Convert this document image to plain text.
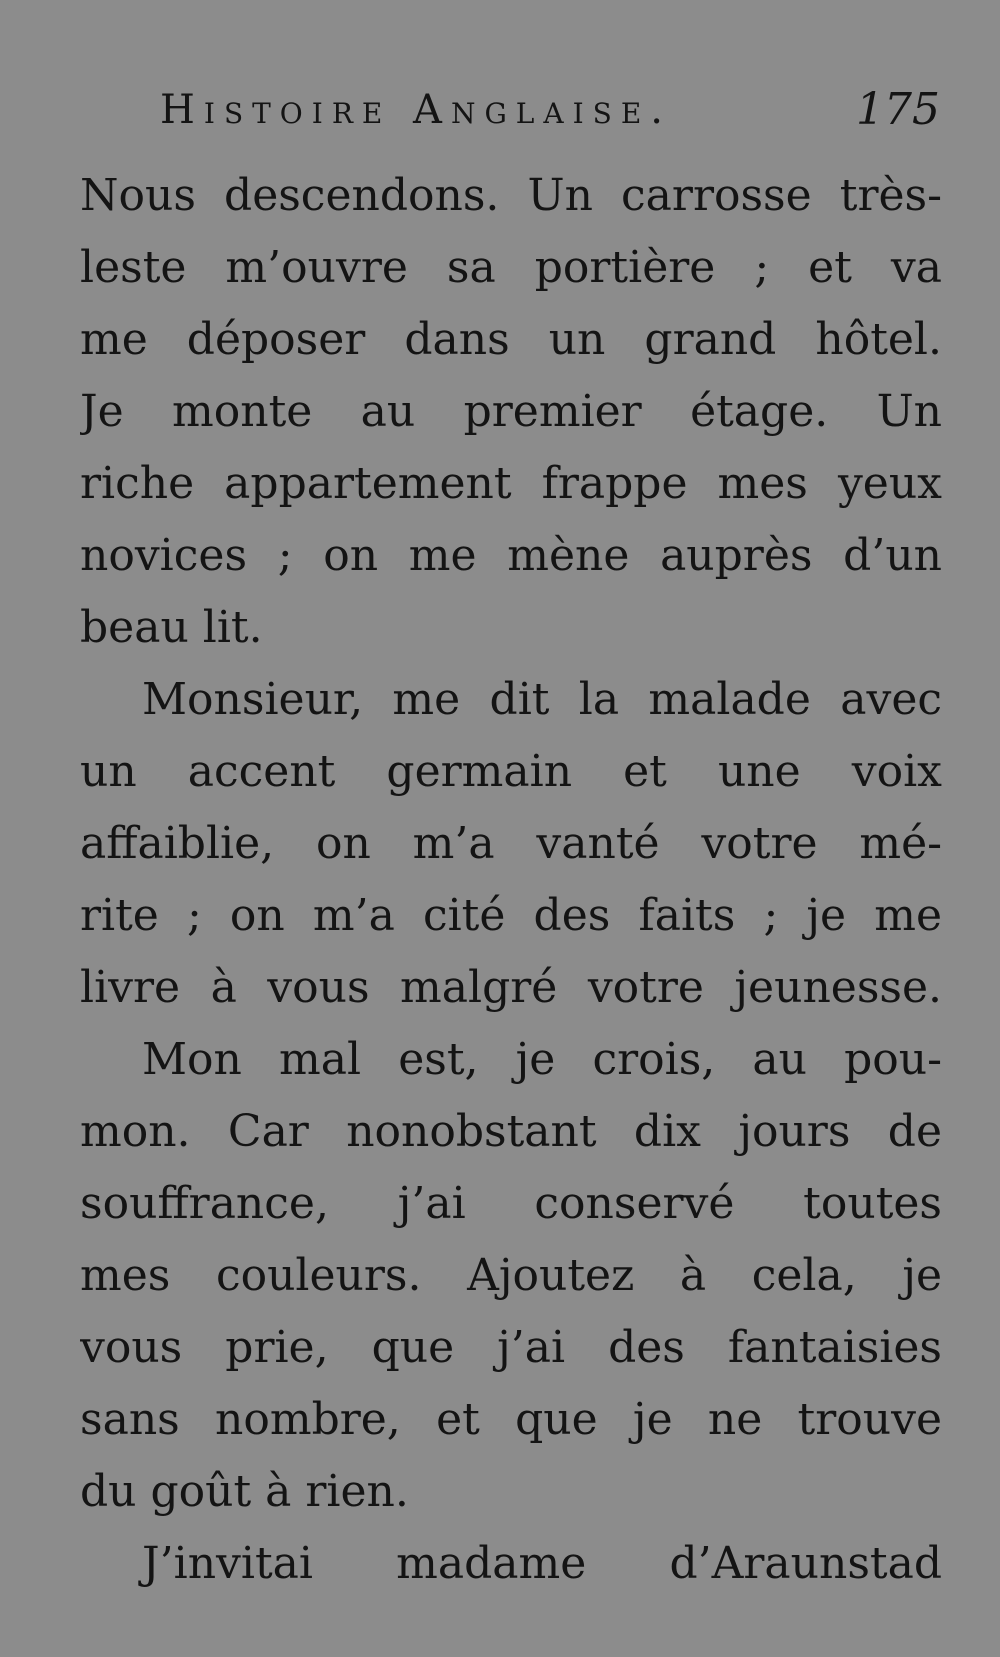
Histoire Anglaise.	175
Nous descendons. Un carrosse très-
leste m’ouvre sa portière ; et va
me déposer dans un grand hôtel.
Je monte au premier étage. Un
riche appartement frappe mes yeux
novices ; on me mène auprès d’un
beau lit.
Monsieur, me dit la malade avec
un accent germain et une voix
affaiblie, on m’a vanté votre mé-
rite ; on m’a cité des faits ; je me
livre à vous malgré votre jeunesse.
Mon mal est, je crois, au pou-
mon. Car nonobstant dix jours de
souffrance, j’ai conservé toutes
mes couleurs. Ajoutez à cela, je
vous prie, que j’ai des fantaisies
sans nombre, et que je ne trouve
du goût à rien.
J’invitai madame d’Araunstad
